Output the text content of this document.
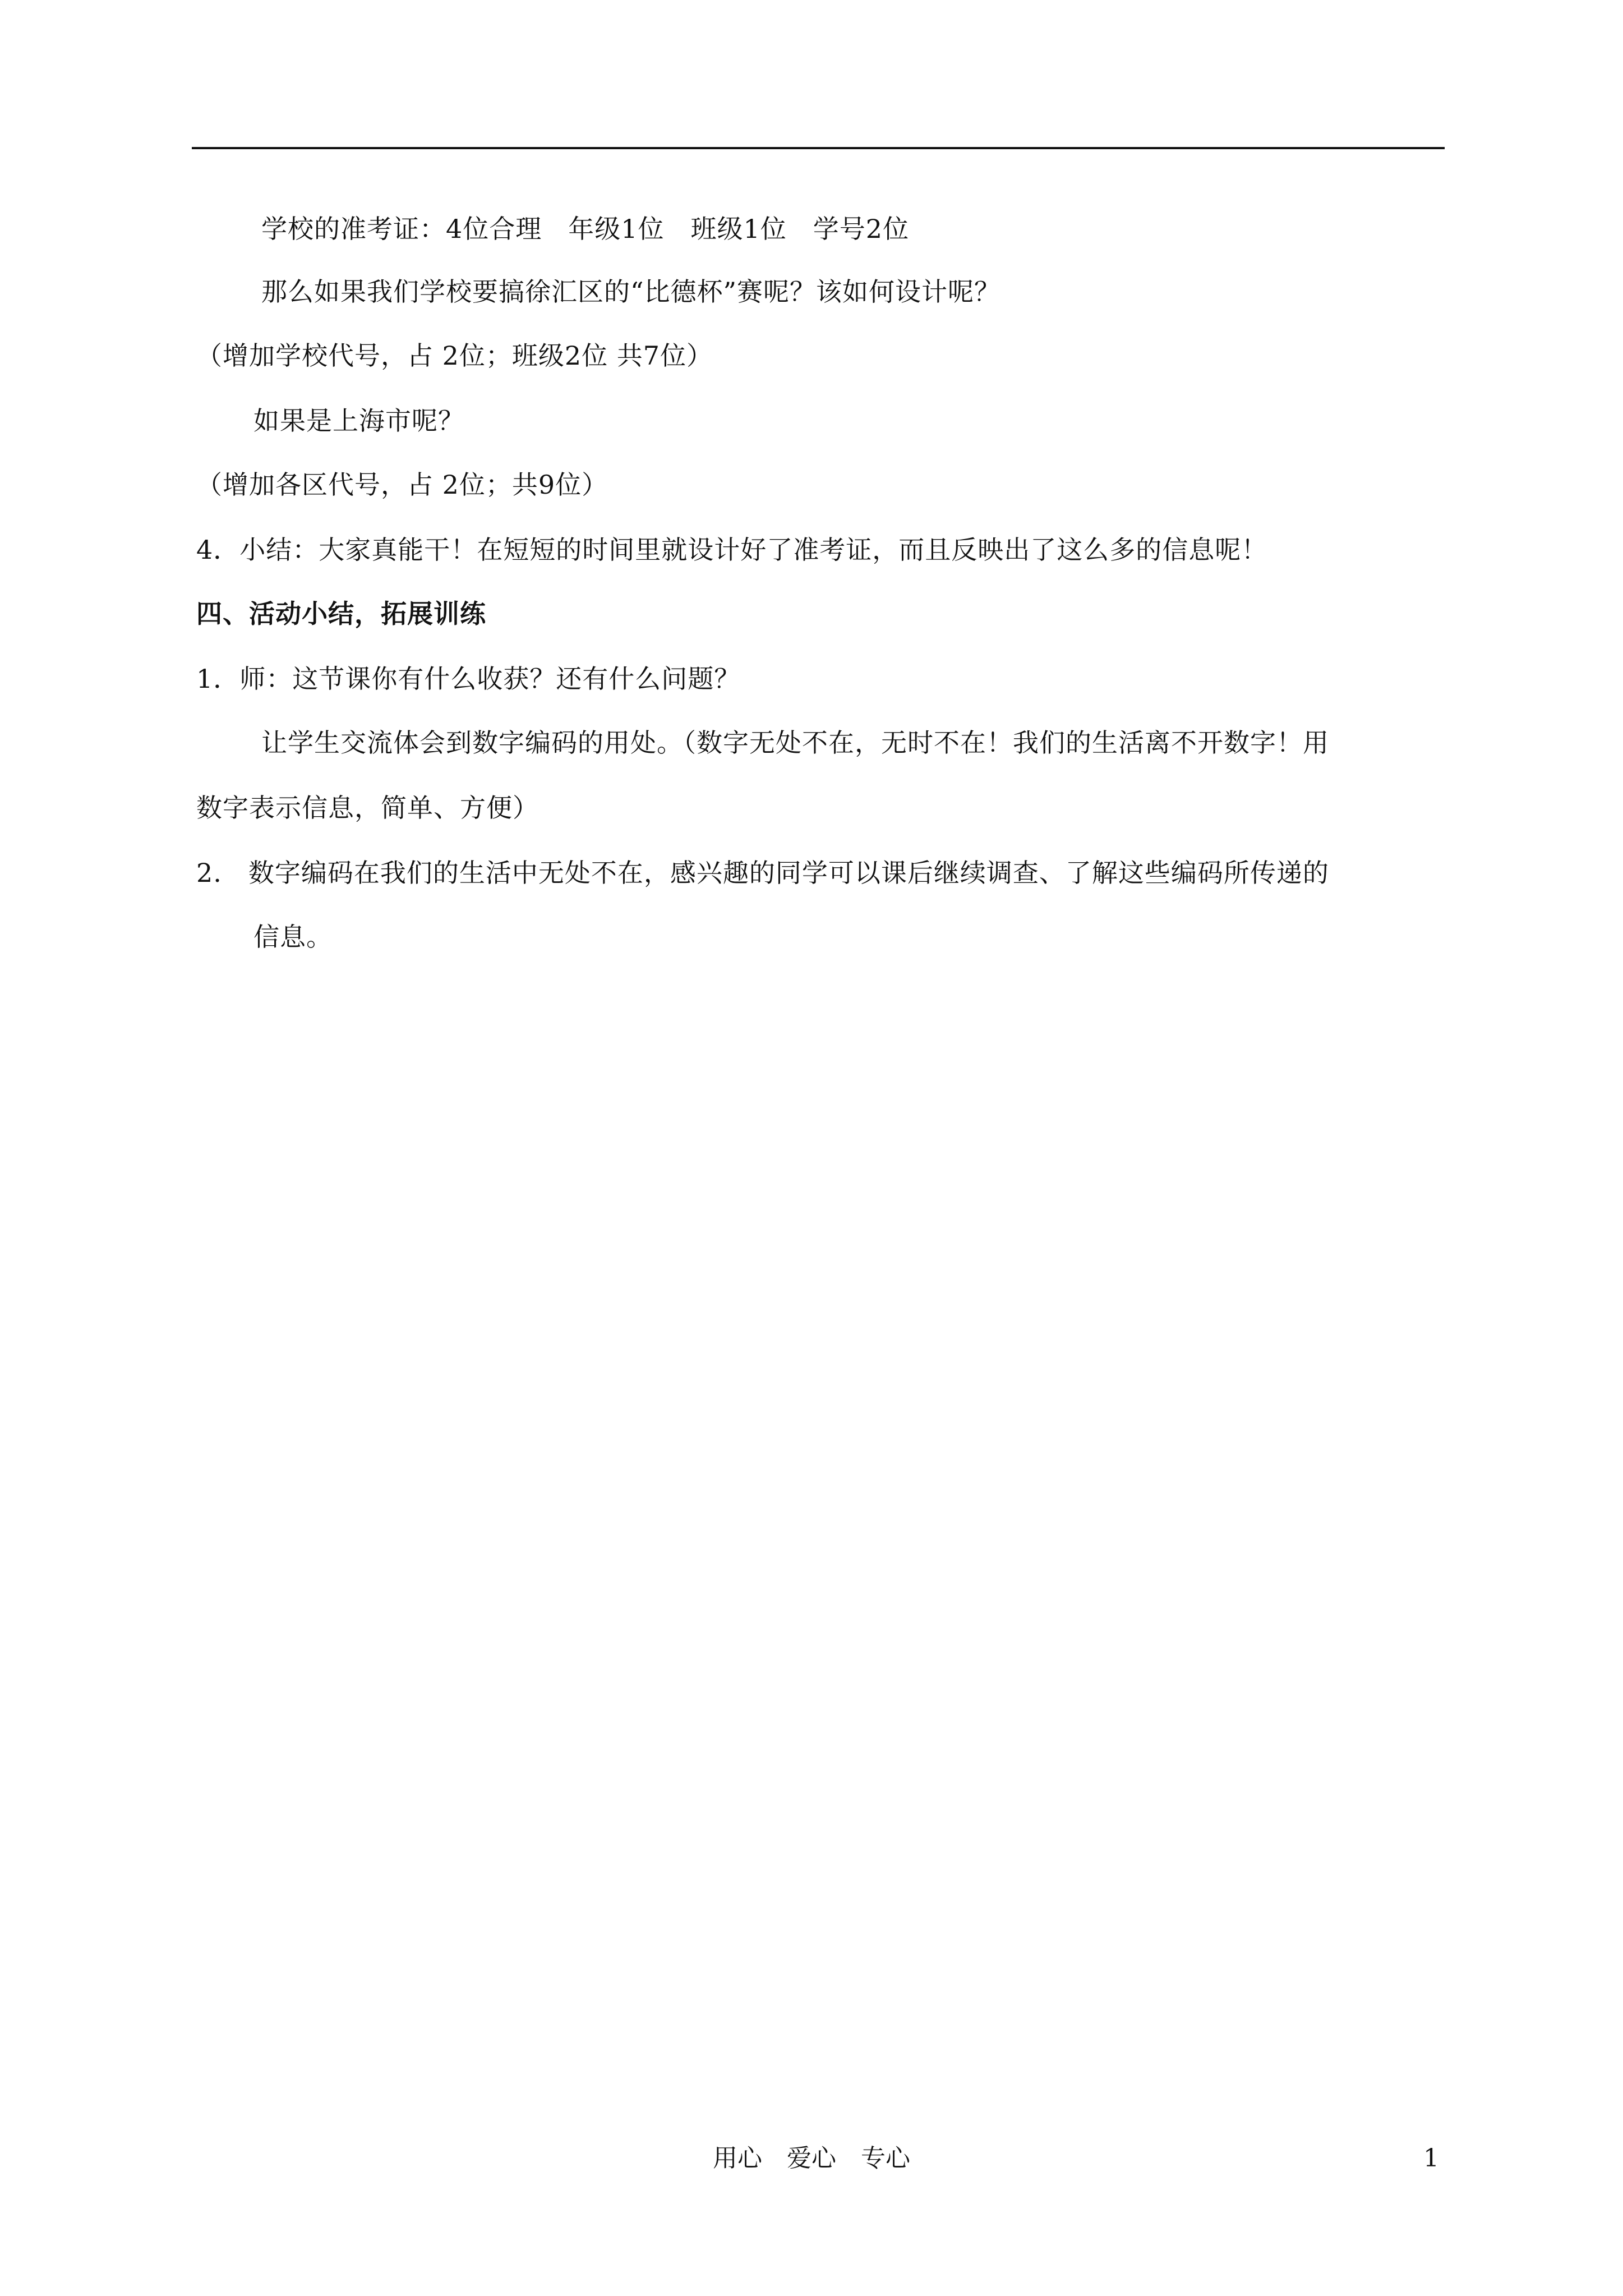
学校的准考证：4位合理　年级1位　班级1位　学号2位
那么如果我们学校要搞徐汇区的“比德杯”赛呢？该如何设计呢？
（增加学校代号，占 2位；班级2位 共7位）
如果是上海市呢？
（增加各区代号，占 2位；共9位）
4．小结：大家真能干！在短短的时间里就设计好了准考证，而且反映出了这么多的信息呢！
四、活动小结，拓展训练
1．师：这节课你有什么收获？还有什么问题？
让学生交流体会到数字编码的用处。（数字无处不在，无时不在！我们的生活离不开数字！用
数字表示信息，简单、方便）
2.　数字编码在我们的生活中无处不在，感兴趣的同学可以课后继续调查、了解这些编码所传递的
信息。
用心　爱心　专心	1
